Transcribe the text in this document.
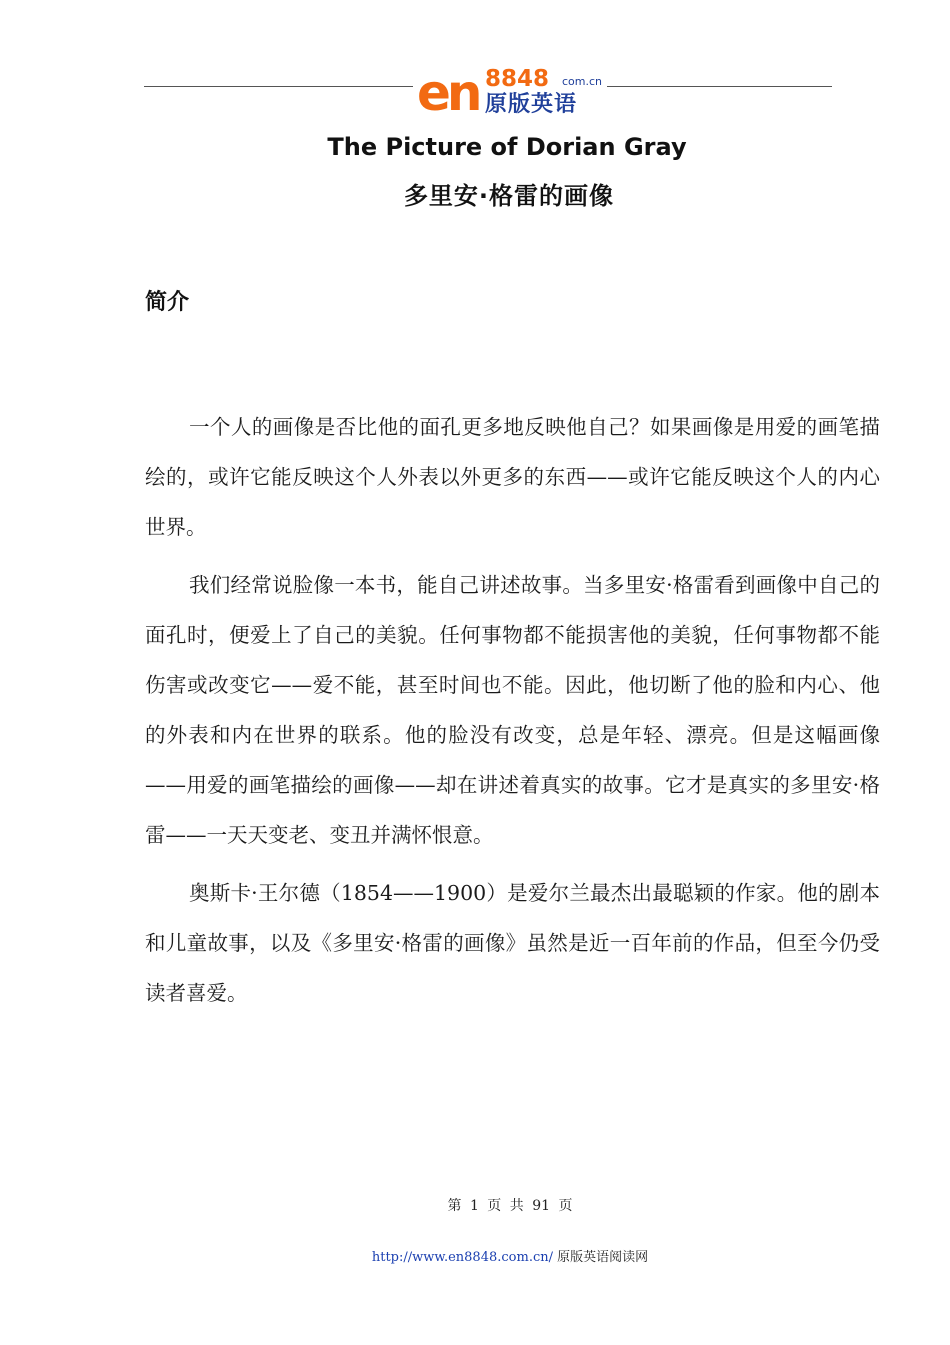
en 8848 com.cn
原版英语
The Picture of Dorian Gray
多里安·格雷的画像
简介

一个人的画像是否比他的面孔更多地反映他自己？如果画像是用爱的画笔描绘的，或许它能反映这个人外表以外更多的东西——或许它能反映这个人的内心世界。

我们经常说脸像一本书，能自己讲述故事。当多里安·格雷看到画像中自己的面孔时，便爱上了自己的美貌。任何事物都不能损害他的美貌，任何事物都不能伤害或改变它——爱不能，甚至时间也不能。因此，他切断了他的脸和内心、他的外表和内在世界的联系。他的脸没有改变，总是年轻、漂亮。但是这幅画像——用爱的画笔描绘的画像——却在讲述着真实的故事。它才是真实的多里安·格雷——一天天变老、变丑并满怀恨意。

奥斯卡·王尔德（1854——1900）是爱尔兰最杰出最聪颖的作家。他的剧本和儿童故事，以及《多里安·格雷的画像》虽然是近一百年前的作品，但至今仍受读者喜爱。

第 1 页 共 91 页
http://www.en8848.com.cn/ 原版英语阅读网
